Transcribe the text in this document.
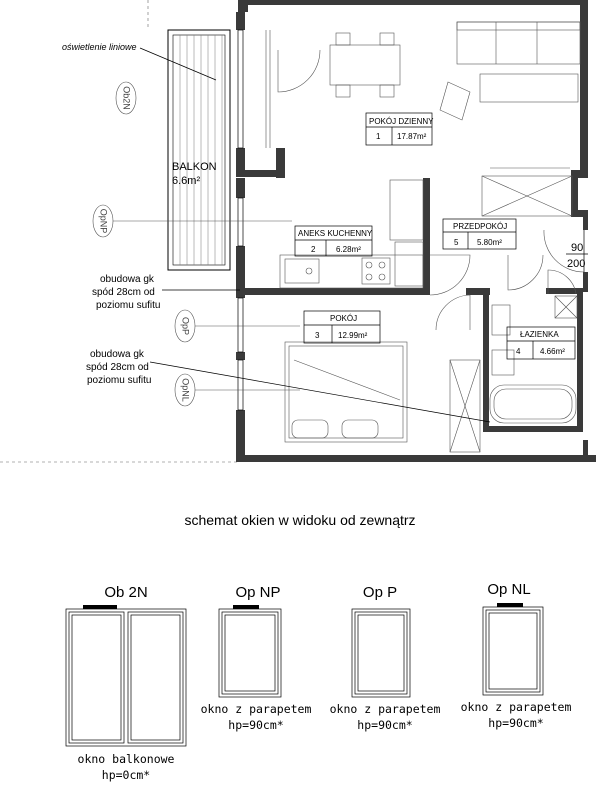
POKÓJ DZIENNY
1 17.87m²
ANEKS KUCHENNY
2	6.28m²
POKÓJ
3 12.99m²	ŁAZIENKA
4 4.66m²
PRZEDPOKÓJ
5 5.80m²	90
200
BALKON
6.6m²
oświetlenie liniowe
obudowa gk
spód 28cm od
poziomu sufitu
obudowa gk
spód 28cm od
poziomu sufitu
Ob2N
OpNP
OpP
OpNL
schemat okien w widoku od zewnątrz
Ob 2N
okno balkonowe
hp=0cm*
Op NP
okno z parapetem
hp=90cm*
Op P
okno z parapetem
hp=90cm*
Op NL
okno z parapetem
hp=90cm*
